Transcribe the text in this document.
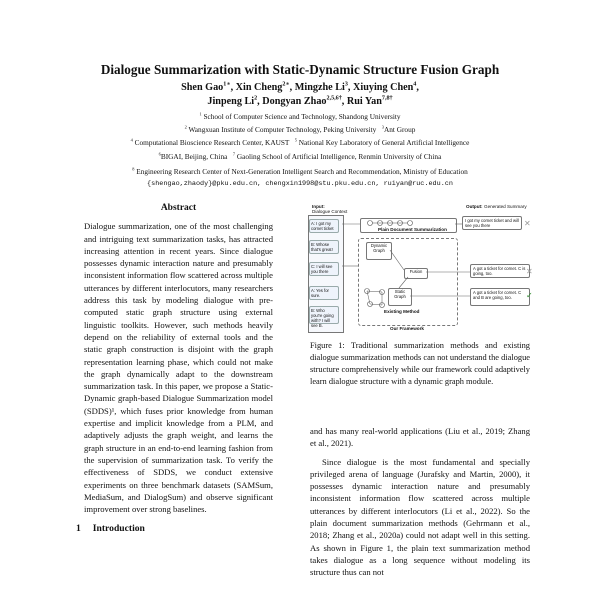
Dialogue Summarization with Static-Dynamic Structure Fusion Graph
Shen Gao$^{1∗}$, Xin Cheng$^{2∗}$, Mingzhe Li$^3$, Xiuying Chen$^4$,
Jinpeng Li$^2$, Dongyan Zhao$^{2,5,6\dagger}$, Rui Yan$^{7,8\dagger}$
$^1$ School of Computer Science and Technology, Shandong University
$^2$ Wangxuan Institute of Computer Technology, Peking University $^3$Ant Group
$^4$ Computational Bioscience Research Center, KAUST $^5$ National Key Laboratory of General Artificial Intelligence
$^6$BIGAI, Beijing, China $^7$ Gaoling School of Artificial Intelligence, Renmin University of China
$^8$ Engineering Research Center of Next-Generation Intelligent Search and Recommendation, Ministry of Education
{shengao,zhaody}@pku.edu.cn, chengxin1998@stu.pku.edu.cn, ruiyan@ruc.edu.cn
Abstract

Dialogue summarization, one of the most challenging and intriguing text summarization tasks, has attracted increasing attention in recent years. Since dialogue possesses dynamic interaction nature and presumably inconsistent information flow scattered across multiple utterances by different interlocutors, many researchers address this task by modeling dialogue with pre-computed static graph structure using external linguistic toolkits. However, such methods heavily depend on the reliability of external tools and the static graph construction is disjoint with the graph representation learning phase, which could not make the graph dynamically adapt to the downstream summarization task. In this paper, we propose a Static-Dynamic graph-based Dialogue Summarization model (SDDS)¹, which fuses prior knowledge from human expertise and implicit knowledge from a PLM, and adaptively adjusts the graph weight, and learns the graph structure in an end-to-end learning fashion from the supervision of summarization task. To verify the effectiveness of SDDS, we conduct extensive experiments on three benchmark datasets (SAMSum, MediaSum, and DialogSum) and observe significant improvement over strong baselines.

1 Introduction
Input:
Dialogue Context
Output: Generated Summary
A: I got my cornet ticket
B: Whose that's great!
C: I will see you there
A: Yes for sure.
B: Who you're going with? I will see B.
Plain Document Summarization
I got my cornet ticket and will see you there	✕
Dynamic Graph
Fusion
Static Graph
Existing Method
Our Framework
A got a ticket for cornet. C is going, too.
A got a ticket for cornet. C and B are going, too.
✕
✓
Figure 1: Traditional summarization methods and existing dialogue summarization methods can not understand the dialogue structure comprehensively while our framework could adaptively learn dialogue structure with a dynamic graph module.

and has many real-world applications (Liu et al., 2019; Zhang et al., 2021).

Since dialogue is the most fundamental and specially privileged arena of language (Jurafsky and Martin, 2000), it possesses dynamic interaction nature and presumably inconsistent information flow scattered across multiple utterances by different interlocutors (Li et al., 2022). So the plain document summarization methods (Gehrmann et al., 2018; Zhang et al., 2020a) could not adapt well in this setting. As shown in Figure 1, the plain text summarization method takes dialogue as a long sequence without modeling its structure thus can not
